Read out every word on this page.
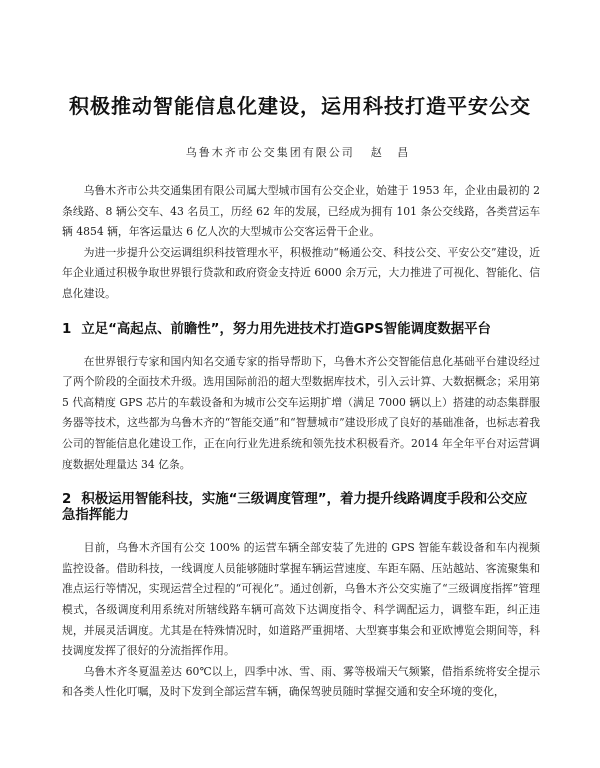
积极推动智能信息化建设，运用科技打造平安公交
乌鲁木齐市公交集团有限公司 赵 昌

乌鲁木齐市公共交通集团有限公司属大型城市国有公交企业，始建于 1953 年，企业由最初的 2 条线路、8 辆公交车、43 名员工，历经 62 年的发展，已经成为拥有 101 条公交线路，各类营运车辆 4854 辆，年客运量达 6 亿人次的大型城市公交客运骨干企业。

为进一步提升公交运调组织科技管理水平，积极推动“畅通公交、科技公交、平安公交”建设，近年企业通过积极争取世界银行贷款和政府资金支持近 6000 余万元，大力推进了可视化、智能化、信息化建设。

1 立足“高起点、前瞻性”，努力用先进技术打造GPS智能调度数据平台

在世界银行专家和国内知名交通专家的指导帮助下，乌鲁木齐公交智能信息化基础平台建设经过了两个阶段的全面技术升级。选用国际前沿的超大型数据库技术，引入云计算、大数据概念；采用第 5 代高精度 GPS 芯片的车载设备和为城市公交车运期扩增（满足 7000 辆以上）搭建的动态集群服务器等技术，这些都为乌鲁木齐的“智能交通”和“智慧城市”建设形成了良好的基础准备，也标志着我公司的智能信息化建设工作，正在向行业先进系统和领先技术积极看齐。2014 年全年平台对运营调度数据处理量达 34 亿条。

2 积极运用智能科技，实施“三级调度管理”，着力提升线路调度手段和公交应急指挥能力

目前，乌鲁木齐国有公交 100% 的运营车辆全部安装了先进的 GPS 智能车载设备和车内视频监控设备。借助科技，一线调度人员能够随时掌握车辆运营速度、车距车隔、压站越站、客流聚集和准点运行等情况，实现运营全过程的“可视化”。通过创新，乌鲁木齐公交实施了“三级调度指挥”管理模式，各级调度利用系统对所辖线路车辆可高效下达调度指令、科学调配运力，调整车距，纠正违规，并展灵活调度。尤其是在特殊情况时，如道路严重拥堵、大型赛事集会和亚欧博览会期间等，科技调度发挥了很好的分流指挥作用。

乌鲁木齐冬夏温差达 60℃以上，四季中冰、雪、雨、雾等极端天气频繁，借指系统将安全提示和各类人性化叮嘱，及时下发到全部运营车辆，确保驾驶员随时掌握交通和安全环境的变化，
